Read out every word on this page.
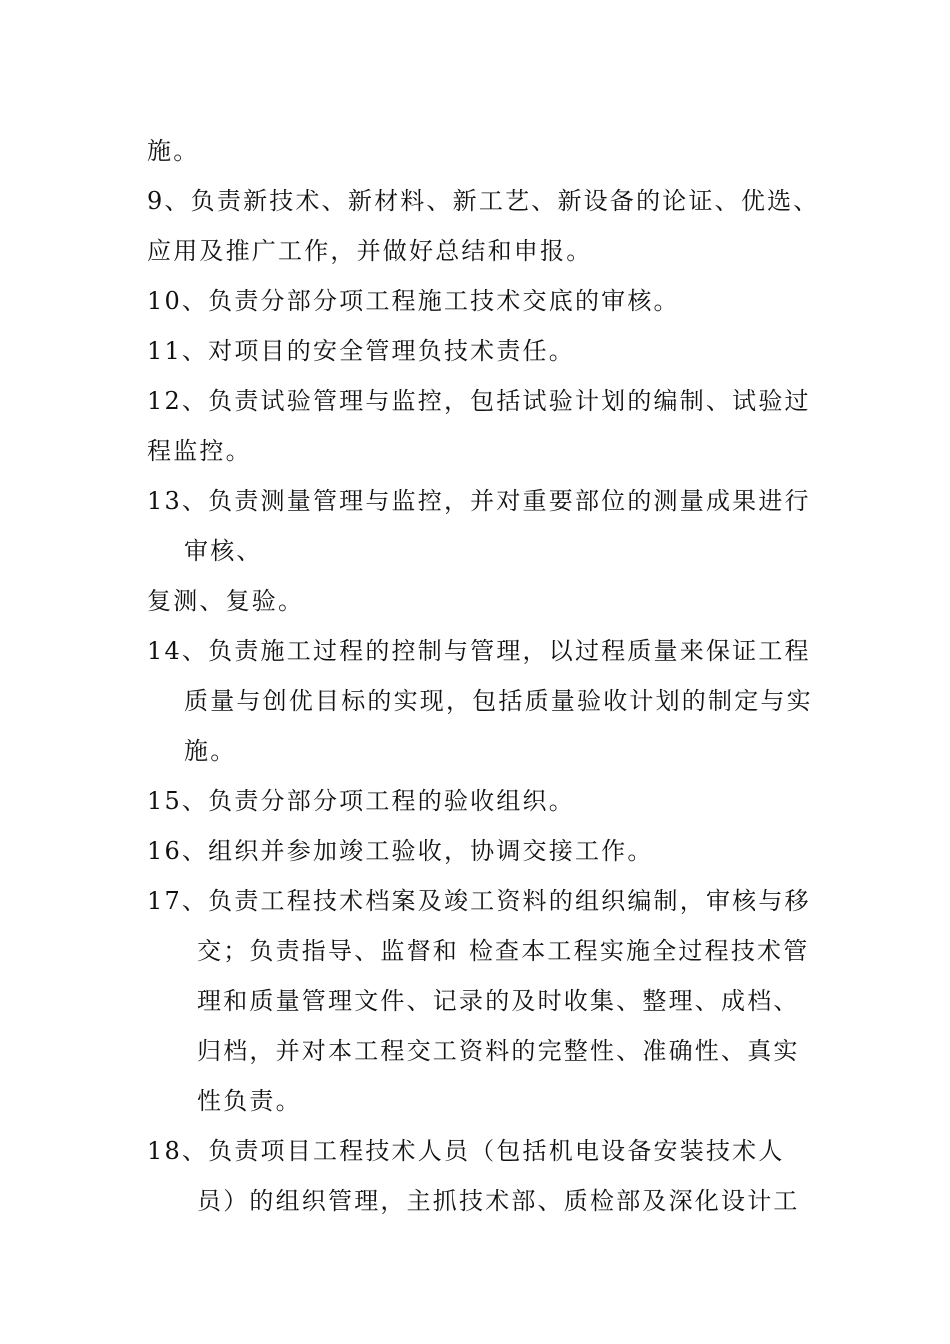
施。
9、负责新技术、新材料、新工艺、新设备的论证、优选、
应用及推广工作，并做好总结和申报。
10、负责分部分项工程施工技术交底的审核。
11、对项目的安全管理负技术责任。
12、负责试验管理与监控，包括试验计划的编制、试验过
程监控。
13、负责测量管理与监控，并对重要部位的测量成果进行
审核、
复测、复验。
14、负责施工过程的控制与管理，以过程质量来保证工程
质量与创优目标的实现，包括质量验收计划的制定与实
施。
15、负责分部分项工程的验收组织。
16、组织并参加竣工验收，协调交接工作。
17、负责工程技术档案及竣工资料的组织编制，审核与移
交；负责指导、监督和 检查本工程实施全过程技术管
理和质量管理文件、记录的及时收集、整理、成档、
归档，并对本工程交工资料的完整性、准确性、真实
性负责。
18、负责项目工程技术人员（包括机电设备安装技术人
员）的组织管理，主抓技术部、质检部及深化设计工
